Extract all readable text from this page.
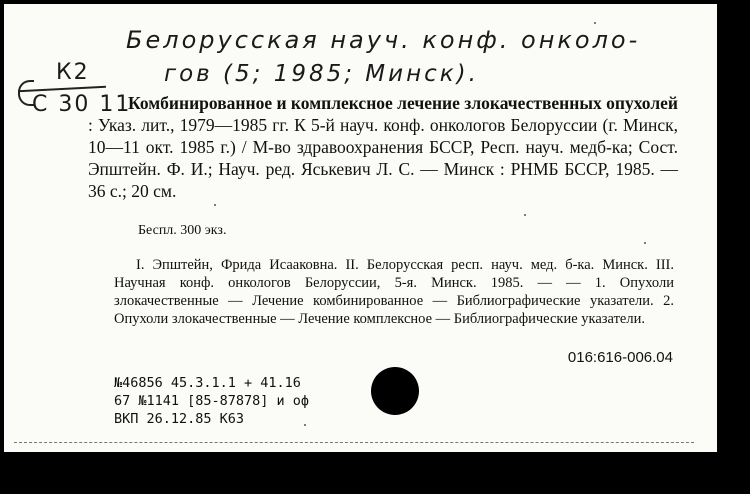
Белорусская науч. конф. онколо-
гов (5; 1985; Минск).
К2
С 30 11

Комбинированное и комплексное лечение злокачественных опухолей : Указ. лит., 1979—1985 гг. К 5-й науч. конф. онкологов Белоруссии (г. Минск, 10—11 окт. 1985 г.) / М-во здравоохранения БССР, Респ. науч. медб-ка; Сост. Эпштейн. Ф. И.; Науч. ред. Яськевич Л. С. — Минск : РНМБ БССР, 1985. — 36 с.; 20 см.

Беспл. 300 экз.

I. Эпштейн, Фрида Исааковна. II. Белорусская респ. науч. мед. б-ка. Минск. III. Научная конф. онкологов Белоруссии, 5-я. Минск. 1985. — — 1. Опухоли злокачественные — Лечение комбинированное — Библиографические указатели. 2. Опухоли злокачественные — Лечение комплексное — Библиографические указатели.

016:616-006.04
№46856 45.3.1.1 + 41.16
67 №1141 [85-87878] и оф
ВКП 26.12.85 К63
